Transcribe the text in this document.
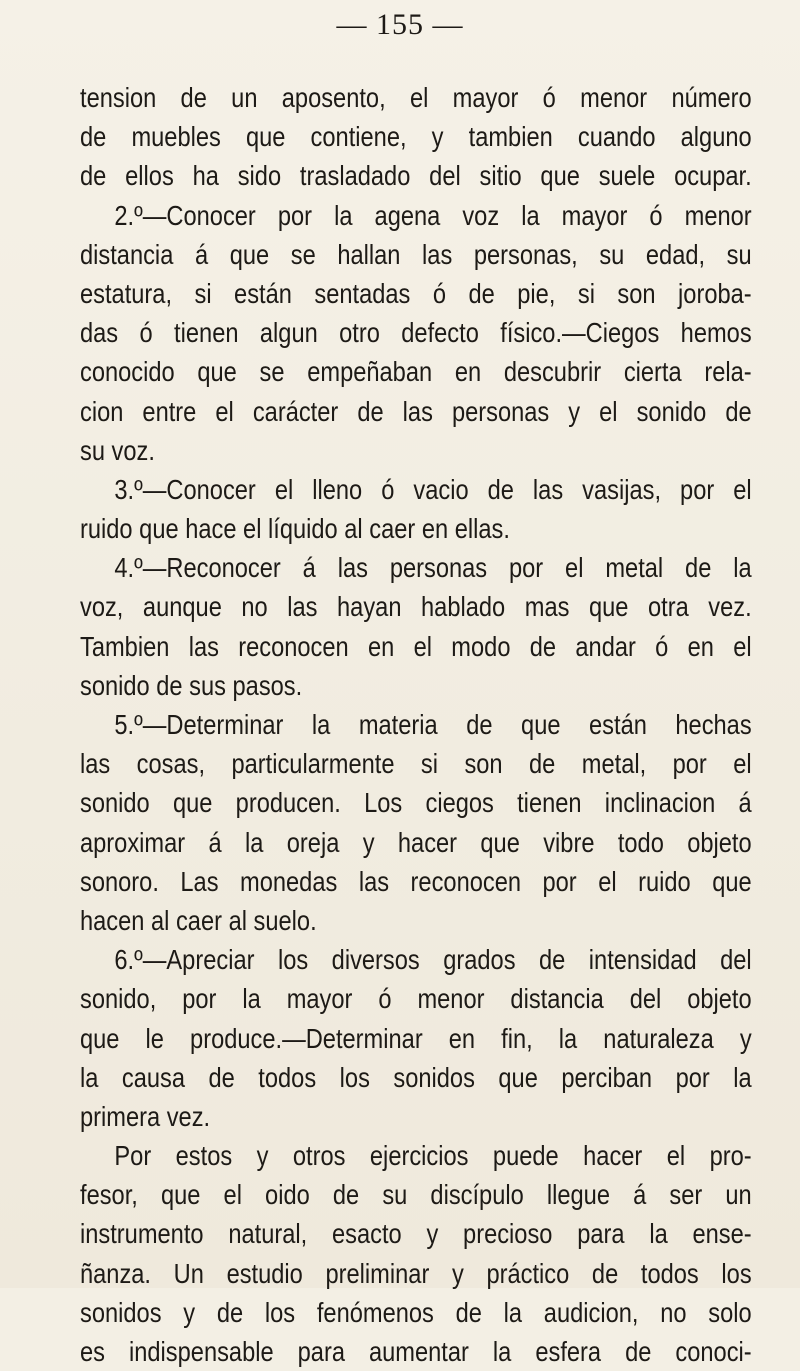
— 155 —
tension de un aposento, el mayor ó menor número
de muebles que contiene, y tambien cuando alguno
de ellos ha sido trasladado del sitio que suele ocupar.
2.º—Conocer por la agena voz la mayor ó menor
distancia á que se hallan las personas, su edad, su
estatura, si están sentadas ó de pie, si son joroba-
das ó tienen algun otro defecto físico.—Ciegos hemos
conocido que se empeñaban en descubrir cierta rela-
cion entre el carácter de las personas y el sonido de
su voz.
3.º—Conocer el lleno ó vacio de las vasijas, por el
ruido que hace el líquido al caer en ellas.
4.º—Reconocer á las personas por el metal de la
voz, aunque no las hayan hablado mas que otra vez.
Tambien las reconocen en el modo de andar ó en el
sonido de sus pasos.
5.º—Determinar la materia de que están hechas
las cosas, particularmente si son de metal, por el
sonido que producen. Los ciegos tienen inclinacion á
aproximar á la oreja y hacer que vibre todo objeto
sonoro. Las monedas las reconocen por el ruido que
hacen al caer al suelo.
6.º—Apreciar los diversos grados de intensidad del
sonido, por la mayor ó menor distancia del objeto
que le produce.—Determinar en fin, la naturaleza y
la causa de todos los sonidos que perciban por la
primera vez.
Por estos y otros ejercicios puede hacer el pro-
fesor, que el oido de su discípulo llegue á ser un
instrumento natural, esacto y precioso para la ense-
ñanza. Un estudio preliminar y práctico de todos los
sonidos y de los fenómenos de la audicion, no solo
es indispensable para aumentar la esfera de conoci-
